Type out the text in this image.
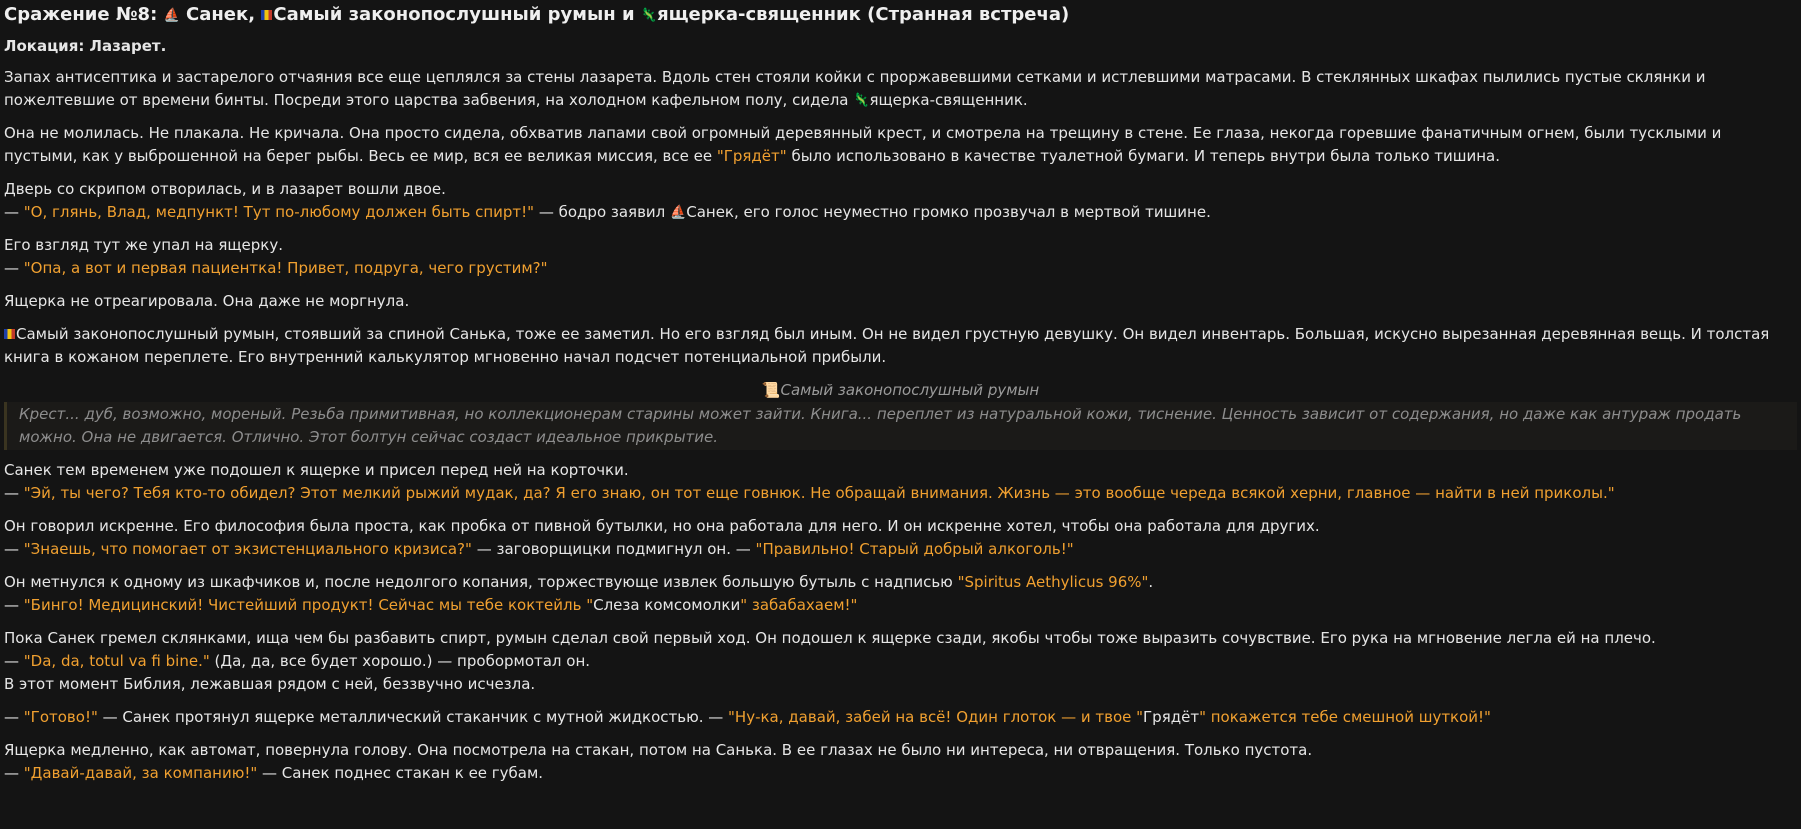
Сражение №8: ⛵ Санек, Самый законопослушный румын и 🦎ящерка-священник (Странная встреча)

Локация: Лазарет.

Запах антисептика и застарелого отчаяния все еще цеплялся за стены лазарета. Вдоль стен стояли койки с проржавевшими сетками и истлевшими матрасами. В стеклянных шкафах пылились пустые склянки и пожелтевшие от времени бинты. Посреди этого царства забвения, на холодном кафельном полу, сидела 🦎ящерка-священник.

Она не молилась. Не плакала. Не кричала. Она просто сидела, обхватив лапами свой огромный деревянный крест, и смотрела на трещину в стене. Ее глаза, некогда горевшие фанатичным огнем, были тусклыми и пустыми, как у выброшенной на берег рыбы. Весь ее мир, вся ее великая миссия, все ее "Грядёт" было использовано в качестве туалетной бумаги. И теперь внутри была только тишина.

Дверь со скрипом отворилась, и в лазарет вошли двое.
— "О, глянь, Влад, медпункт! Тут по-любому должен быть спирт!" — бодро заявил ⛵Санек, его голос неуместно громко прозвучал в мертвой тишине.

Его взгляд тут же упал на ящерку.
— "Опа, а вот и первая пациентка! Привет, подруга, чего грустим?"

Ящерка не отреагировала. Она даже не моргнула.

Самый законопослушный румын, стоявший за спиной Санька, тоже ее заметил. Но его взгляд был иным. Он не видел грустную девушку. Он видел инвентарь. Большая, искусно вырезанная деревянная вещь. И толстая книга в кожаном переплете. Его внутренний калькулятор мгновенно начал подсчет потенциальной прибыли.

📜Самый законопослушный румын
Крест... дуб, возможно, мореный. Резьба примитивная, но коллекционерам старины может зайти. Книга... переплет из натуральной кожи, тиснение. Ценность зависит от содержания, но даже как антураж продать можно. Она не двигается. Отлично. Этот болтун сейчас создаст идеальное прикрытие.

Санек тем временем уже подошел к ящерке и присел перед ней на корточки.
— "Эй, ты чего? Тебя кто-то обидел? Этот мелкий рыжий мудак, да? Я его знаю, он тот еще говнюк. Не обращай внимания. Жизнь — это вообще череда всякой херни, главное — найти в ней приколы."

Он говорил искренне. Его философия была проста, как пробка от пивной бутылки, но она работала для него. И он искренне хотел, чтобы она работала для других.
— "Знаешь, что помогает от экзистенциального кризиса?" — заговорщицки подмигнул он. — "Правильно! Старый добрый алкоголь!"

Он метнулся к одному из шкафчиков и, после недолгого копания, торжествующе извлек большую бутыль с надписью "Spiritus Aethylicus 96%".
— "Бинго! Медицинский! Чистейший продукт! Сейчас мы тебе коктейль "Слеза комсомолки" забабахаем!"

Пока Санек гремел склянками, ища чем бы разбавить спирт, румын сделал свой первый ход. Он подошел к ящерке сзади, якобы чтобы тоже выразить сочувствие. Его рука на мгновение легла ей на плечо.
— "Da, da, totul va fi bine." (Да, да, все будет хорошо.) — пробормотал он.
В этот момент Библия, лежавшая рядом с ней, беззвучно исчезла.

— "Готово!" — Санек протянул ящерке металлический стаканчик с мутной жидкостью. — "Ну-ка, давай, забей на всё! Один глоток — и твое "Грядёт" покажется тебе смешной шуткой!"

Ящерка медленно, как автомат, повернула голову. Она посмотрела на стакан, потом на Санька. В ее глазах не было ни интереса, ни отвращения. Только пустота.
— "Давай-давай, за компанию!" — Санек поднес стакан к ее губам.
